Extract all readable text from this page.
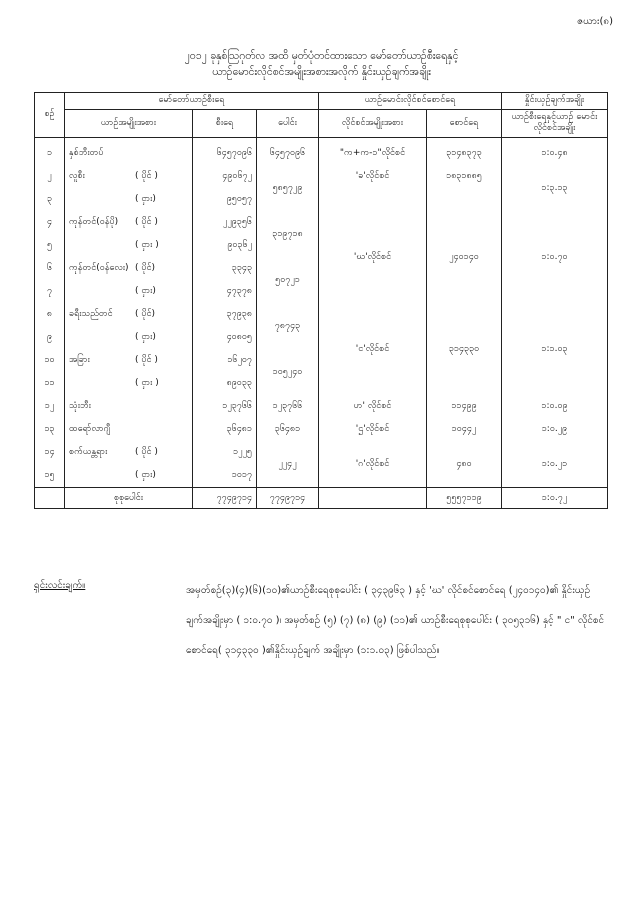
ဇယား(၈)
၂၀၁၂ ခုနှစ်ဩဂုတ်လ အထိ မှတ်ပုံတင်ထားသော မော်တော်ယာဉ်စီးရေနှင့်
ယာဉ်မောင်းလိုင်စင်အမျိုးအစားအလိုက် နှိုင်းယှဉ်ချက်အချိုး
စဉ်	မော်တော်ယာဉ်စီးရေ			ယာဉ်မောင်းလိုင်စင်စောင်ရေ		နှိုင်းယှဉ်ချက်အချိုး
	ယာဉ်အမျိုးအစား	စီးရေ	ပေါင်း	လိုင်စင်အမျိုးအစား	စောင်ရေ	ယာဉ်စီးရေနှင့်ယာဉ် မောင်းလိုင်စင်အချိုး
၁	နှစ်ဘီးတပ်	၆၄၅၇၀၉၆	၆၄၅၇၀၉၆	"က+က-၁"လိုင်စင်	၃၁၄၈၃၇၃	၁:၀.၄၈
၂	လူစီး ( ပိုင် )	၄၉၀၆၇၂	၅၈၅၇၂၉	'ခ'လိုင်စင်	၁၈၃၁၈၈၅	၁:၃.၁၃
၃	( ငှား)	၉၅၀၅၇				
၄	ကုန်တင်(ဝန်ပို) ( ပိုင် )	၂၂၉၃၅၆	၃၁၉၇၁၈	'ဃ'လိုင်စင်	၂၄၀၁၄၀	၁:၀.၇၀
၅	( ငှား )	၉၀၃၆၂				
၆	ကုန်တင်(ဝန်လေး) ( ပိုင်)	၃၃၄၃	၅၀၇၂၁			
၇	( ငှား)	၄၇၃၇၈				
၈	ခရီးသည်တင် ( ပိုင်)	၃၇၉၃၈	၇၈၇၄၃	'င'လိုင်စင်	၃၁၄၃၃၀	၁:၁.၀၃
၉	( ငှား)	၄၀၈၀၅				
၁၀	အခြား ( ပိုင် )	၁၆၂၀၇	၁၀၅၂၄၀			
၁၁	( ငှား )	၈၉၀၃၃				
၁၂	သုံးဘီး	၁၂၃၇၆၆	၁၂၃၇၆၆	ဟ' လိုင်စင်	၁၁၄၉၉	၁:၀.၀၉
၁၃	ထရော်လာဂျီ	၃၆၄၈၁	၃၆၄၈၁	'ဌ'လိုင်စင်	၁၀၄၄၂	၁:၀.၂၉
၁၄	စက်ယန္တရား ( ပိုင် )	၁၂၂၅	၂၂၄၂	'ဂ'လိုင်စင်	၄၈၀	၁:၀.၂၁
၁၅	( ငှား)	၁၀၁၇				
	စုစုပေါင်း	၇၇၄၉၇၁၄	၇၇၄၉၇၁၄		၅၅၅၇၁၁၉	၁:၀.၇၂
ရှင်းလင်းချက်။	အမှတ်စဉ်(၃)(၄)(၆)(၁၀)၏ယာဉ်စီးရေစုစုပေါင်း ( ၃၄၃၉၆၃ ) နှင့် 'ဃ' လိုင်စင်စောင်ရေ (၂၄၀၁၄၀)၏ နှိုင်းယှဉ်ချက်အချိုးမှာ ( ၁:၀.၇၀ )၊ အမှတ်စဉ် (၅) (၇) (၈) (၉) (၁၁)၏ ယာဉ်စီးရေစုစုပေါင်း ( ၃၀၅၃၁၆) နှင့် " င" လိုင်စင် စောင်ရေ( ၃၁၄၃၃၀ )၏နှိုင်းယှဉ်ချက် အချိုးမှာ (၁:၁.၀၃) ဖြစ်ပါသည်။
